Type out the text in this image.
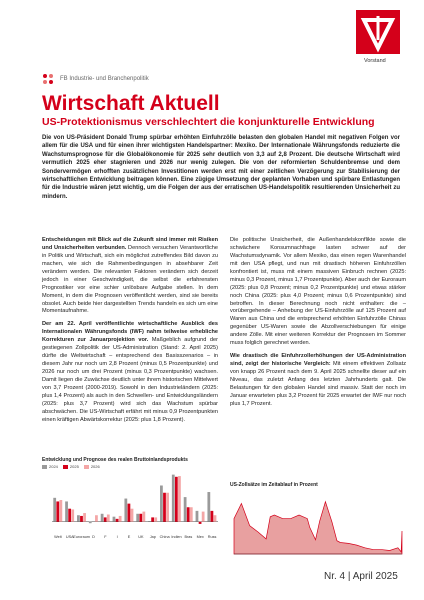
Vorstand
FB Industrie- und Branchenpolitik
Wirtschaft Aktuell
US-Protektionismus verschlechtert die konjunkturelle Entwicklung
Die von US-Präsident Donald Trump spürbar erhöhten Einfuhrzölle belasten den globalen Handel mit negativen Folgen vor allem für die USA und für einen ihrer wichtigsten Handelspartner: Mexiko. Der Internationale Währungsfonds reduzierte die Wachstumsprognose für die Globalökonomie für 2025 sehr deutlich von 3,3 auf 2,8 Prozent. Die deutsche Wirtschaft wird vermutlich 2025 eher stagnieren und 2026 nur wenig zulegen. Die von der reformierten Schuldenbremse und dem Sondervermögen erhofften zusätzlichen Investitionen werden erst mit einer zeitlichen Verzögerung zur Stabilisierung der wirtschaftlichen Entwicklung beitragen können. Eine zügige Umsetzung der geplanten Vorhaben und spürbare Entlastungen für die Industrie wären jetzt wichtig, um die Folgen der aus der erratischen US-Handelspolitik resultierenden Unsicherheit zu mindern.

Entscheidungen mit Blick auf die Zukunft sind immer mit Risiken und Unsicherheiten verbunden. Dennoch versuchen Verantwortliche in Politik und Wirtschaft, sich ein möglichst zutreffendes Bild davon zu machen, wie sich die Rahmenbedingungen in absehbarer Zeit verändern werden. Die relevanten Faktoren verändern sich derzeit jedoch in einer Geschwindigkeit, die selbst die erfahrensten Prognostiker vor eine schier unlösbare Aufgabe stellen. In dem Moment, in dem die Prognosen veröffentlicht werden, sind sie bereits obsolet. Auch beide hier dargestellten Trends handeln es sich um eine Momentaufnahme.

Der am 22. April veröffentlichte wirtschaftliche Ausblick des Internationalen Währungsfonds (IWF) nahm teilweise erhebliche Korrekturen zur Januarprojektion vor. Maßgeblich aufgrund der gestiegenen Zollpolitik der US-Administration (Stand: 2. April 2025) dürfte die Weltwirtschaft – entsprechend des Basisszenarios – in diesem Jahr nur noch um 2,8 Prozent (minus 0,5 Prozentpunkte) und 2026 nur noch um drei Prozent (minus 0,3 Prozentpunkte) wachsen. Damit liegen die Zuwächse deutlich unter ihrem historischen Mittelwert von 3,7 Prozent (2000-2019). Sowohl in den Industrieländern (2025: plus 1,4 Prozent) als auch in den Schwellen- und Entwicklungsländern (2025: plus 3,7 Prozent) wird sich das Wachstum spürbar abschwächen. Die US-Wirtschaft erfährt mit minus 0,9 Prozentpunkten einen kräftigen Abwärtskorrektur (2025: plus 1,8 Prozent).

Die politische Unsicherheit, die Außenhandelskonflikte sowie die schwächere Konsumnachfrage lasten schwer auf der Wachstumsdynamik. Vor allem Mexiko, das einen regen Warenhandel mit den USA pflegt, und nun mit drastisch höheren Einfuhrzöllen konfrontiert ist, muss mit einem massiven Einbruch rechnen (2025: minus 0,3 Prozent, minus 1,7 Prozentpunkte). Aber auch der Euroraum (2025: plus 0,8 Prozent; minus 0,2 Prozentpunkte) und etwas stärker noch China (2025: plus 4,0 Prozent; minus 0,6 Prozentpunkte) sind betroffen. In dieser Berechnung noch nicht enthalten: die – vorübergehende – Anhebung der US-Einfuhrzölle auf 125 Prozent auf Waren aus China und die entsprechend erhöhten Einfuhrzölle Chinas gegenüber US-Waren sowie die Abzollverschiebungen für einige andere Zölle. Mit einer weiteren Korrektur der Prognosen im Sommer muss folglich gerechnet werden.

Wie drastisch die Einfuhrzollerhöhungen der US-Administration sind, zeigt der historische Vergleich: Mit einem effektiven Zollsatz von knapp 26 Prozent nach dem 9. April 2025 schnellte dieser auf ein Niveau, das zuletzt Anfang des letzten Jahrhunderts galt. Die Belastungen für den globalen Handel sind massiv. Statt der noch im Januar erwarteten plus 3,2 Prozent für 2025 erwartet der IWF nur noch plus 1,7 Prozent.

Entwicklung und Prognose des realen Bruttoinlandsprodukts
2024	2025	2026
Welt USA Euroraum D F	I	E UK Jap China Indien Bras Mex Russ
US-Zollsätze im Zeitablauf in Prozent
Nr. 4 | April 2025
